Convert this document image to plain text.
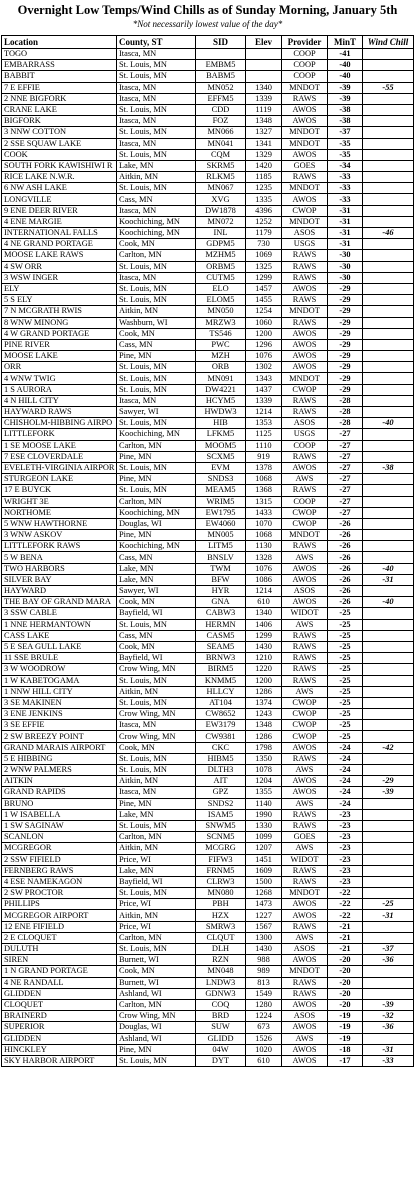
Overnight Low Temps/Wind Chills as of Sunday Morning, January 5th
*Not necessarily lowest value of the day*
Location	County, ST	SID	Elev	Provider	MinT	Wind Chill
TOGO	Itasca, MN			COOP	-41	
EMBARRASS	St. Louis, MN	EMBM5		COOP	-40	
BABBIT	St. Louis, MN	BABM5		COOP	-40	
7 E EFFIE	Itasca, MN	MN052	1340	MNDOT	-39	-55
2 NNE BIGFORK	Itasca, MN	EFFM5	1339	RAWS	-39	
CRANE LAKE	St. Louis, MN	CDD	1119	AWOS	-38	
BIGFORK	Itasca, MN	FOZ	1348	AWOS	-38	
3 NNW COTTON	St. Louis, MN	MN066	1327	MNDOT	-37	
2 SSE SQUAW LAKE	Itasca, MN	MN041	1341	MNDOT	-35	
COOK	St. Louis, MN	CQM	1329	AWOS	-35	
SOUTH FORK KAWISHIWI R	Lake, MN	SKRM5	1420	GOES	-34	
RICE LAKE N.W.R.	Aitkin, MN	RLKM5	1185	RAWS	-33	
6 NW ASH LAKE	St. Louis, MN	MN067	1235	MNDOT	-33	
LONGVILLE	Cass, MN	XVG	1335	AWOS	-33	
9 ENE DEER RIVER	Itasca, MN	DW1878	4396	CWOP	-31	
4 ENE MARGIE	Koochiching, MN	MN072	1252	MNDOT	-31	
INTERNATIONAL FALLS	Koochiching, MN	INL	1179	ASOS	-31	-46
4 NE GRAND PORTAGE	Cook, MN	GDPM5	730	USGS	-31	
MOOSE LAKE RAWS	Carlton, MN	MZHM5	1069	RAWS	-30	
4 SW ORR	St. Louis, MN	ORBM5	1325	RAWS	-30	
3 WSW INGER	Itasca, MN	CUTM5	1299	RAWS	-30	
ELY	St. Louis, MN	ELO	1457	AWOS	-29	
5 S ELY	St. Louis, MN	ELOM5	1455	RAWS	-29	
7 N MCGRATH RWIS	Aitkin, MN	MN050	1254	MNDOT	-29	
8 WNW MINONG	Washburn, WI	MRZW3	1060	RAWS	-29	
4 W GRAND PORTAGE	Cook, MN	TS546	1200	AWOS	-29	
PINE RIVER	Cass, MN	PWC	1296	AWOS	-29	
MOOSE LAKE	Pine, MN	MZH	1076	AWOS	-29	
ORR	St. Louis, MN	ORB	1302	AWOS	-29	
4 WNW TWIG	St. Louis, MN	MN091	1343	MNDOT	-29	
1 S AURORA	St. Louis, MN	DW4221	1437	CWOP	-29	
4 N HILL CITY	Itasca, MN	HCYM5	1339	RAWS	-28	
HAYWARD RAWS	Sawyer, WI	HWDW3	1214	RAWS	-28	
CHISHOLM-HIBBING AIRPO	St. Louis, MN	HIB	1353	ASOS	-28	-40
LITTLEFORK	Koochiching, MN	LFKM5	1125	USGS	-27	
1 SE MOOSE LAKE	Carlton, MN	MOOM5	1110	COOP	-27	
7 ESE CLOVERDALE	Pine, MN	SCXM5	919	RAWS	-27	
EVELETH-VIRGINIA AIRPOR	St. Louis, MN	EVM	1378	AWOS	-27	-38
STURGEON LAKE	Pine, MN	SNDS3	1068	AWS	-27	
17 E BUYCK	St. Louis, MN	MEAM5	1368	RAWS	-27	
WRIGHT 3E	Carlton, MN	WRIM5	1315	COOP	-27	
NORTHOME	Koochiching, MN	EW1795	1433	CWOP	-27	
5 WNW HAWTHORNE	Douglas, WI	EW4060	1070	CWOP	-26	
3 WNW ASKOV	Pine, MN	MN005	1068	MNDOT	-26	
LITTLEFORK RAWS	Koochiching, MN	LITM5	1130	RAWS	-26	
5 W BENA	Cass, MN	BNSLV	1328	AWS	-26	
TWO HARBORS	Lake, MN	TWM	1076	AWOS	-26	-40
SILVER BAY	Lake, MN	BFW	1086	AWOS	-26	-31
HAYWARD	Sawyer, WI	HYR	1214	ASOS	-26	
THE BAY OF GRAND MARA	Cook, MN	GNA	610	AWOS	-26	-40
3 SSW CABLE	Bayfield, WI	CABW3	1340	WIDOT	-25	
1 NNE HERMANTOWN	St. Louis, MN	HERMN	1406	AWS	-25	
CASS LAKE	Cass, MN	CASM5	1299	RAWS	-25	
5 E SEA GULL LAKE	Cook, MN	SEAM5	1430	RAWS	-25	
11 SSE BRULE	Bayfield, WI	BRNW3	1210	RAWS	-25	
3 W WOODROW	Crow Wing, MN	BIRM5	1220	RAWS	-25	
1 W KABETOGAMA	St. Louis, MN	KNMM5	1200	RAWS	-25	
1 NNW HILL CITY	Aitkin, MN	HLLCY	1286	AWS	-25	
3 SE MAKINEN	St. Louis, MN	AT104	1374	CWOP	-25	
3 ENE JENKINS	Crow Wing, MN	CW8652	1243	CWOP	-25	
3 SE EFFIE	Itasca, MN	EW3179	1348	CWOP	-25	
2 SW BREEZY POINT	Crow Wing, MN	CW9381	1286	CWOP	-25	
GRAND MARAIS AIRPORT	Cook, MN	CKC	1798	AWOS	-24	-42
5 E HIBBING	St. Louis, MN	HIBM5	1350	RAWS	-24	
2 WNW PALMERS	St. Louis, MN	DLTH3	1078	AWS	-24	
AITKIN	Aitkin, MN	AIT	1204	AWOS	-24	-29
GRAND RAPIDS	Itasca, MN	GPZ	1355	AWOS	-24	-39
BRUNO	Pine, MN	SNDS2	1140	AWS	-24	
1 W ISABELLA	Lake, MN	ISAM5	1990	RAWS	-23	
1 SW SAGINAW	St. Louis, MN	SNWM5	1330	RAWS	-23	
SCANLON	Carlton, MN	SCNM5	1099	GOES	-23	
MCGREGOR	Aitkin, MN	MCGRG	1207	AWS	-23	
2 SSW FIFIELD	Price, WI	FIFW3	1451	WIDOT	-23	
FERNBERG RAWS	Lake, MN	FRNM5	1609	RAWS	-23	
4 ESE NAMEKAGON	Bayfield, WI	CLRW3	1500	RAWS	-23	
2 SW PROCTOR	St. Louis, MN	MN080	1268	MNDOT	-22	
PHILLIPS	Price, WI	PBH	1473	AWOS	-22	-25
MCGREGOR AIRPORT	Aitkin, MN	HZX	1227	AWOS	-22	-31
12 ENE FIFIELD	Price, WI	SMRW3	1567	RAWS	-21	
2 E CLOQUET	Carlton, MN	CLQUT	1300	AWS	-21	
DULUTH	St. Louis, MN	DLH	1430	ASOS	-21	-37
SIREN	Burnett, WI	RZN	988	AWOS	-20	-36
1 N GRAND PORTAGE	Cook, MN	MN048	989	MNDOT	-20	
4 NE RANDALL	Burnett, WI	LNDW3	813	RAWS	-20	
GLIDDEN	Ashland, WI	GDNW3	1549	RAWS	-20	
CLOQUET	Carlton, MN	COQ	1280	AWOS	-20	-39
BRAINERD	Crow Wing, MN	BRD	1224	ASOS	-19	-32
SUPERIOR	Douglas, WI	SUW	673	AWOS	-19	-36
GLIDDEN	Ashland, WI	GLIDD	1526	AWS	-19	
HINCKLEY	Pine, MN	04W	1020	AWOS	-18	-31
SKY HARBOR AIRPORT	St. Louis, MN	DYT	610	AWOS	-17	-33
